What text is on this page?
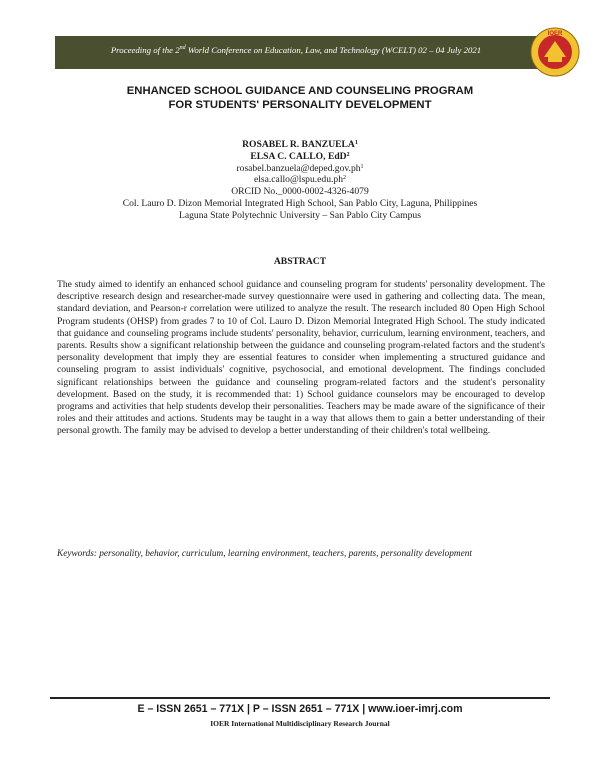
Proceeding of the 2nd World Conference on Education, Law, and Technology (WCELT) 02 – 04 July 2021
IOER
ENHANCED SCHOOL GUIDANCE AND COUNSELING PROGRAM
FOR STUDENTS' PERSONALITY DEVELOPMENT
ROSABEL R. BANZUELA$^1$
ELSA C. CALLO, EdD$^2$
$rosabel.banzuela@deped.gov.ph^1$
$elsa.callo@lspu.edu.ph^2$
ORCID No._0000-0002-4326-4079
Col. Lauro D. Dizon Memorial Integrated High School, San Pablo City, Laguna, Philippines
Laguna State Polytechnic University – San Pablo City Campus
ABSTRACT
The study aimed to identify an enhanced school guidance and counseling program for students' personality development. The descriptive research design and researcher-made survey questionnaire were used in gathering and collecting data. The mean, standard deviation, and Pearson-r correlation were utilized to analyze the result. The research included 80 Open High School Program students (OHSP) from grades 7 to 10 of Col. Lauro D. Dizon Memorial Integrated High School. The study indicated that guidance and counseling programs include students' personality, behavior, curriculum, learning environment, teachers, and parents. Results show a significant relationship between the guidance and counseling program-related factors and the student's personality development that imply they are essential features to consider when implementing a structured guidance and counseling program to assist individuals' cognitive, psychosocial, and emotional development. The findings concluded significant relationships between the guidance and counseling program-related factors and the student's personality development. Based on the study, it is recommended that: 1) School guidance counselors may be encouraged to develop programs and activities that help students develop their personalities. Teachers may be made aware of the significance of their roles and their attitudes and actions. Students may be taught in a way that allows them to gain a better understanding of their personal growth. The family may be advised to develop a better understanding of their children's total wellbeing.
Keywords: personality, behavior, curriculum, learning environment, teachers, parents, personality development
E – ISSN 2651 – 771X | P – ISSN 2651 – 771X | www.ioer-imrj.com
IOER International Multidisciplinary Research Journal
